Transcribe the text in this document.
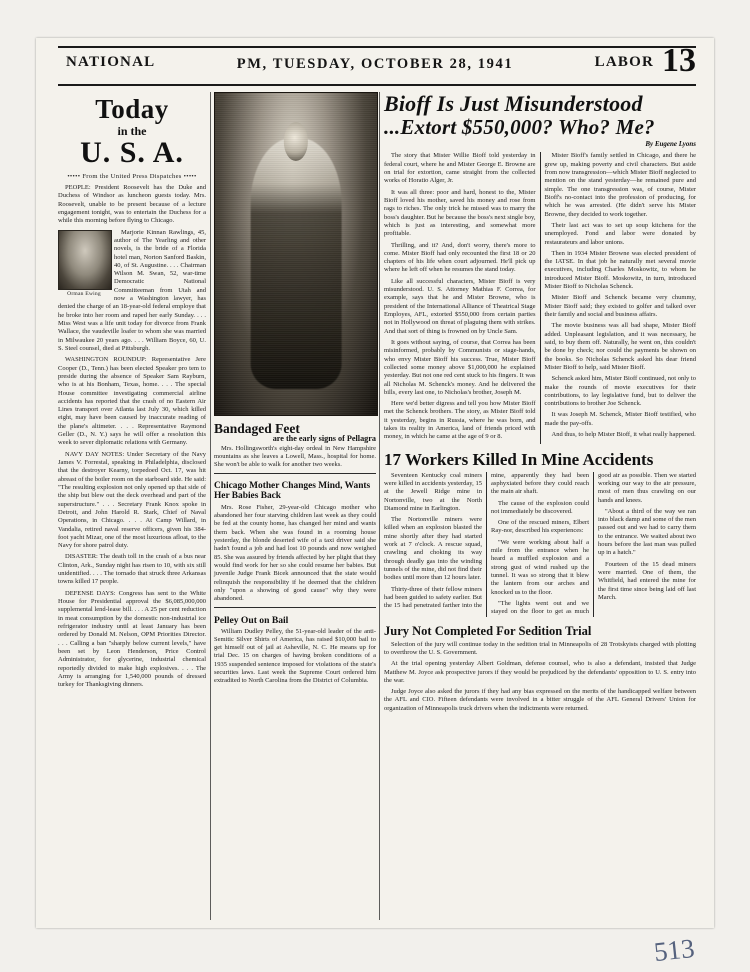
NATIONAL	PM, TUESDAY, OCTOBER 28, 1941	LABOR 13
Today
in the
U. S. A.
••••• From the United Press Dispatches •••••

PEOPLE: President Roosevelt has the Duke and Duchess of Windsor as luncheon guests today. Mrs. Roosevelt, unable to be present because of a lecture engagement tonight, was to entertain the Duchess for a while this morning before flying to Chicago.

Orman Ewing

Marjorie Kinnan Rawlings, 45, author of The Yearling and other novels, is the bride of a Florida hotel man, Norton Sanford Baskin, 40, of St. Augustine. . . . Chairman Wilson M. Swan, 52, war-time Democratic National Committeeman from Utah and now a Washington lawyer, has denied the charge of an 18-year-old federal employe that he broke into her room and raped her early Sunday. . . . Miss West was a life unit today for divorce from Frank Wallace, the vaudeville loafer to whom she was married in Milwaukee 20 years ago. . . . William Boyce, 60, U. S. Steel counsel, died at Pittsburgh.

WASHINGTON ROUNDUP: Representative Jere Cooper (D., Tenn.) has been elected Speaker pro tem to preside during the absence of Speaker Sam Rayburn, who is at his Bonham, Texas, home. . . . The special House committee investigating commercial airline accidents has reported that the crash of no Eastern Air Lines transport over Atlanta last July 30, which killed eight, may have been caused by inaccurate reading of the plane's altimeter. . . . Representative Raymond Geller (D., N. Y.) says he will offer a resolution this week to sever diplomatic relations with Germany.

NAVY DAY NOTES: Under Secretary of the Navy James V. Forrestal, speaking in Philadelphia, disclosed that the destroyer Kearny, torpedoed Oct. 17, was hit abreast of the boiler room on the starboard side. He said: "The resulting explosion not only opened up that side of the ship but blew out the deck overhead and part of the superstructure." . . . Secretary Frank Knox spoke in Detroit, and John Harold R. Stark, Chief of Naval Operations, in Chicago. . . . At Camp Willard, in Vandalia, retired naval reserve officers, given his 384-foot yacht Mizar, one of the most luxurious afloat, to the Navy for shore patrol duty.

DISASTER: The death toll in the crash of a bus near Clinton, Ark., Sunday night has risen to 10, with six still unidentified. . . . The tornado that struck three Arkansas towns killed 17 people.

DEFENSE DAYS: Congress has sent to the White House for Presidential approval the $6,085,000,000 supplemental lend-lease bill. . . . A 25 per cent reduction in meat consumption by the domestic non-industrial ice refrigerator industry until at least January has been ordered by Donald M. Nelson, OPM Priorities Director. . . . Calling a ban "sharply below current levels," have been set by Leon Henderson, Price Control Administrator, for glycerine, industrial chemical reportedly divided to make high explosives. . . . The Army is arranging for 1,540,000 pounds of dressed turkey for Thanksgiving dinners.

Bandaged Feet
are the early signs of Pellagra

Mrs. Hollingsworth's eight-day ordeal in New Hampshire mountains as she leaves a Lowell, Mass., hospital for home. She won't be able to walk for another two weeks.

Chicago Mother Changes Mind, Wants Her Babies Back

Mrs. Rose Fisher, 29-year-old Chicago mother who abandoned her four starving children last week as they could be fed at the county home, has changed her mind and wants them back. When she was found in a rooming house yesterday, the blonde deserted wife of a taxi driver said she hadn't found a job and had lost 10 pounds and now weighed 85. She was assured by friends affected by her plight that they would find work for her so she could resume her babies. But juvenile Judge Frank Bicek announced that the state would relinquish the responsibility if he deemed that the children only "upon a showing of good cause" why they were abandoned.

Pelley Out on Bail

William Dudley Pelley, the 51-year-old leader of the anti-Semitic Silver Shirts of America, has raised $10,000 bail to get himself out of jail at Asheville, N. C. He means up for trial Dec. 15 on charges of having broken conditions of a 1935 suspended sentence imposed for violations of the state's securities laws. Last week the Supreme Court ordered him extradited to North Carolina from the District of Columbia.

Bioff Is Just Misunderstood
...Extort $550,000? Who? Me?
By Eugene Lyons

The story that Mister Willie Bioff told yesterday in federal court, where he and Mister George E. Browne are on trial for extortion, came straight from the collected works of Horatio Alger, Jr.

It was all three: poor and hard, honest to the, Mister Bioff loved his mother, saved his money and rose from rags to riches. The only trick he missed was to marry the boss's daughter. But he because the boss's next single boy, which is just as interesting, and somewhat more profitable.

Thrilling, and it? And, don't worry, there's more to come. Mister Bioff had only recounted the first 18 or 20 chapters of his life when court adjourned. He'll pick up where he left off when he resumes the stand today.

Like all successful characters, Mister Bioff is very misunderstood. U. S. Attorney Mathias F. Correa, for example, says that he and Mister Browne, who is president of the International Alliance of Theatrical Stage Employes, AFL, extorted $550,000 from certain parties not in Hollywood on threat of plaguing them with strikes. And that sort of thing is frowned on by Uncle Sam.

It goes without saying, of course, that Correa has been misinformed, probably by Communists or stage-hands, who envy Mister Bioff his success. True, Mister Bioff collected some money above $1,000,000 he explained yesterday. But not one red cent stuck to his fingers. It was all Nicholas M. Schenck's money. And he delivered the bills, every last one, to Nicholas's brother, Joseph M.

Here we'd better digress and tell you how Mister Bioff met the Schenck brothers. The story, as Mister Bioff told it yesterday, begins in Russia, where he was born, and takes its reality in America, land of friends priced with money, in which he came at the age of 9 or 8.

Mister Bioff's family settled in Chicago, and there he grew up, making poverty and civil characters. But aside from now transgression—which Mister Bioff neglected to mention on the stand yesterday—he remained pure and simple. The one transgression was, of course, Mister Bioff's no-contact into the profession of producing, for which he was arrested. (He didn't serve his Mister Browne, they decided to work together.

Their last act was to set up soup kitchens for the unemployed. Fond and labor were donated by restaurateurs and labor unions.

Then in 1934 Mister Browne was elected president of the IATSE. In that job he naturally met several movie executives, including Charles Moskowitz, to whom he introduced Mister Bioff. Moskowitz, in turn, introduced Mister Bioff to Nicholas Schenck.

Mister Bioff and Schenck became very chummy, Mister Bioff said; they existed to golfer and talked over their family and social and business affairs.

The movie business was all bad shape, Mister Bioff added. Unpleasant legislation, and it was necessary, he said, to buy them off. Naturally, he went on, this couldn't be done by check; nor could the payments be shown on the books. So Nicholas Schenck asked his dear friend Mister Bioff to help, said Mister Bioff.

Schenck asked him, Mister Bioff continued, not only to make the rounds of movie executives for their contributions, to lay legislative fund, but to deliver the contributions to brother Joe Schenck.

It was Joseph M. Schenck, Mister Bioff testified, who made the pay-offs.

And thus, to help Mister Bioff, it what really happened.

17 Workers Killed In Mine Accidents

Seventeen Kentucky coal miners were killed in accidents yesterday, 15 at the Jewell Ridge mine in Nortonville, two at the North Diamond mine in Earlington.

The Nortonville miners were killed when an explosion blasted the mine shortly after they had started work at 7 o'clock. A rescue squad, crawling and choking its way through deadly gas into the winding tunnels of the mine, did not find their bodies until more than 12 hours later.

Thirty-three of their fellow miners had been guided to safety earlier. But the 15 had penetrated farther into the mine, apparently they had been asphyxiated before they could reach the main air shaft.

The cause of the explosion could not immediately be discovered.

One of the rescued miners, Elbert Ray-nor, described his experiences:

"We were working about half a mile from the entrance when he heard a muffled explosion and a strong gust of wind rushed up the tunnel. It was so strong that it blew the lantern from our arches and knocked us to the floor.

"The lights went out and we stayed on the floor to get as much good air as possible. Then we started working our way to the air pressure, most of men thus crawling on our hands and knees.

"About a third of the way we ran into black damp and some of the men passed out and we had to carry them to the entrance. We waited about two hours before the last man was pulled up in a hatch."

Fourteen of the 15 dead miners were married. One of them, the Whitfield, had entered the mine for the first time since being laid off last March.

Jury Not Completed For Sedition Trial

Selection of the jury will continue today in the sedition trial in Minneapolis of 28 Trotskyists charged with plotting to overthrow the U. S. Government.

At the trial opening yesterday Albert Goldman, defense counsel, who is also a defendant, insisted that Judge Matthew M. Joyce ask prospective jurors if they would be prejudiced by the defendants' opposition to U. S. entry into the war.

Judge Joyce also asked the jurors if they had any bias expressed on the merits of the handicapped welfare between the AFL and CIO. Fifteen defendants were involved in a bitter struggle of the AFL General Drivers' Union for organization of Minneapolis truck drivers when the indictments were returned.

513
